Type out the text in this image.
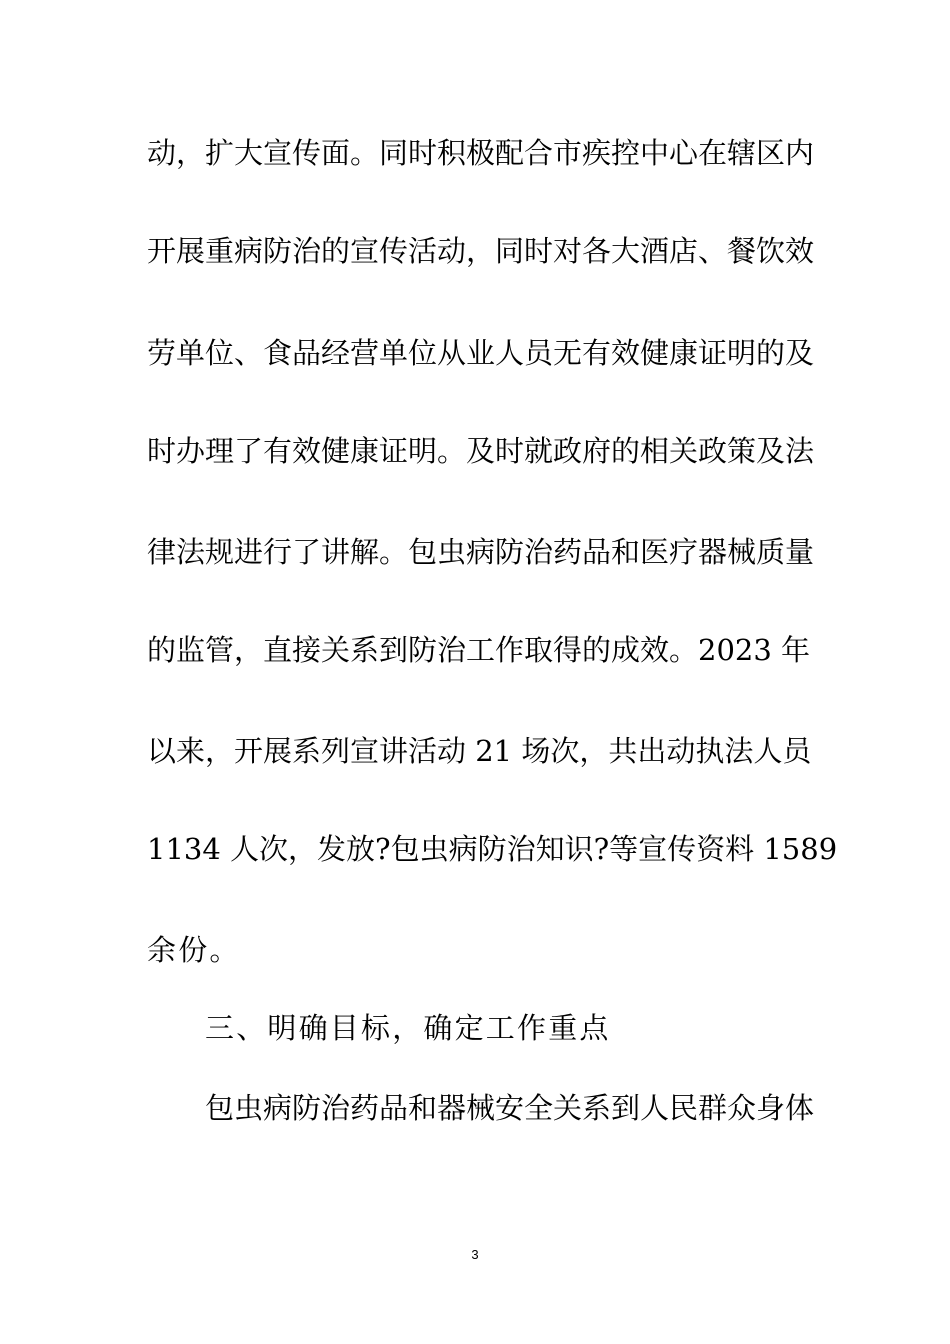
动，扩大宣传面。同时积极配合市疾控中心在辖区内
开展重病防治的宣传活动，同时对各大酒店、餐饮效
劳单位、食品经营单位从业人员无有效健康证明的及
时办理了有效健康证明。及时就政府的相关政策及法
律法规进行了讲解。包虫病防治药品和医疗器械质量
的监管，直接关系到防治工作取得的成效。2023 年
以来，开展系列宣讲活动 21 场次，共出动执法人员
1134 人次，发放?包虫病防治知识?等宣传资料 1589
余份。
三、明确目标，确定工作重点
包虫病防治药品和器械安全关系到人民群众身体
3
